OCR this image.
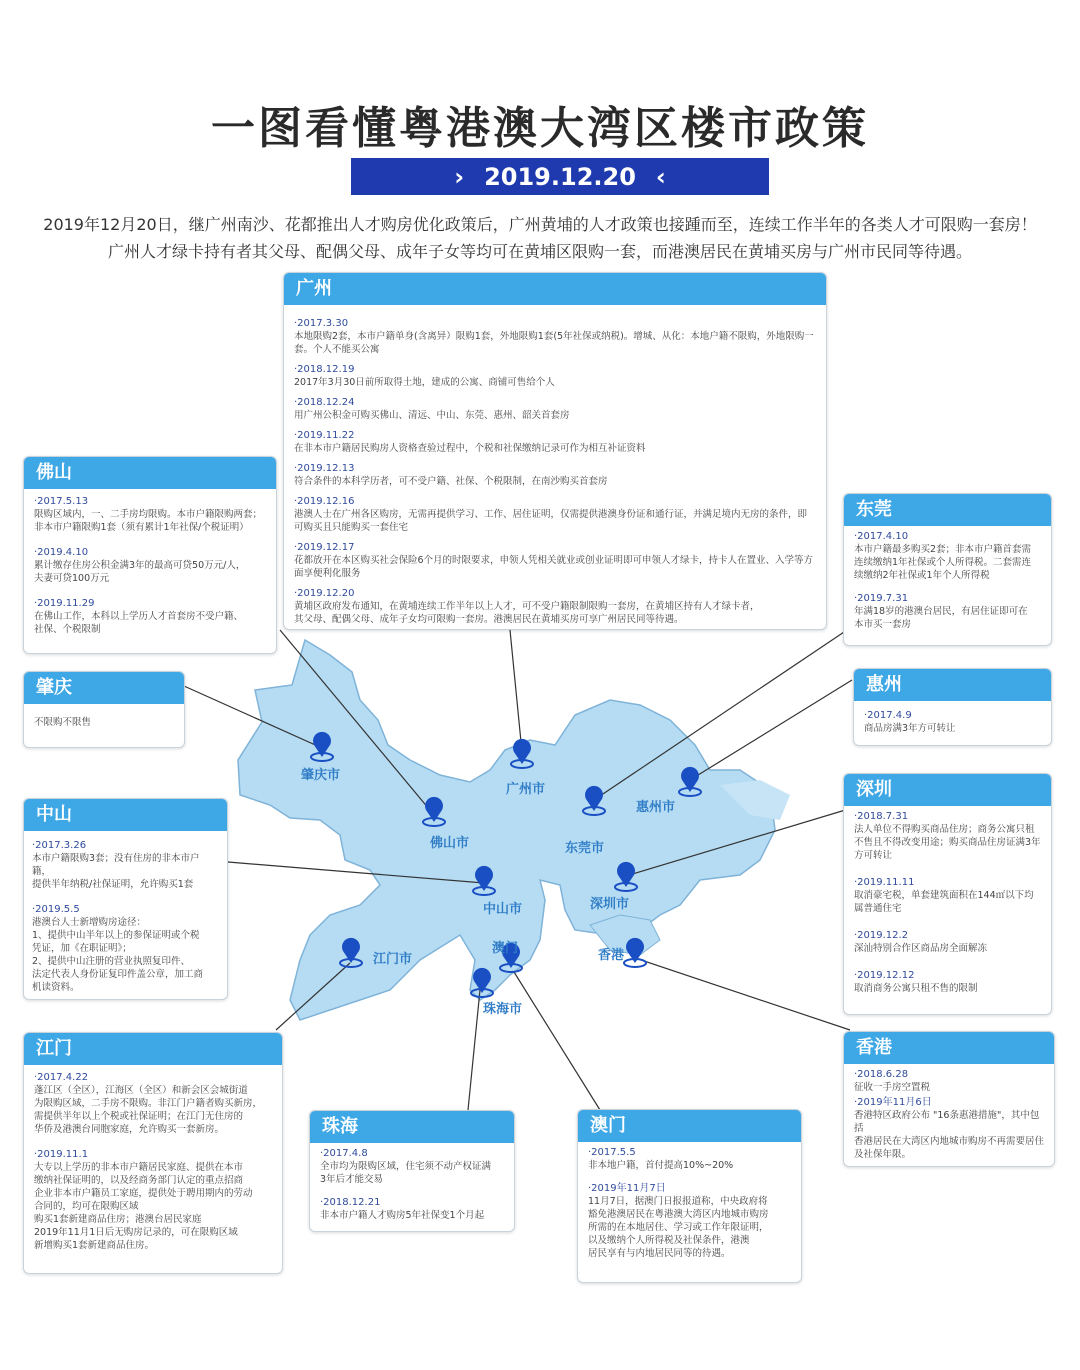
一图看懂粤港澳大湾区楼市政策
› 2019.12.20 ‹
2019年12月20日，继广州南沙、花都推出人才购房优化政策后，广州黄埔的人才政策也接踵而至，连续工作半年的各类人才可限购一套房！
广州人才绿卡持有者其父母、配偶父母、成年子女等均可在黄埔区限购一套，而港澳居民在黄埔买房与广州市民同等待遇。
肇庆市
广州市
佛山市	东莞市
惠州市
中山市	深圳市
江门市
澳门	香港
珠海市
广州
·2017.3.30
本地限购2套，本市户籍单身(含离异）限购1套，外地限购1套(5年社保或纳税)。增城、从化：本地户籍不限购，外地限购一套。个人不能买公寓
·2018.12.19
2017年3月30日前所取得土地，建成的公寓、商铺可售给个人
·2018.12.24
用广州公积金可购买佛山、清远、中山、东莞、惠州、韶关首套房
·2019.11.22
在非本市户籍居民购房人资格查验过程中，个税和社保缴纳记录可作为相互补证资料
·2019.12.13
符合条件的本科学历者，可不受户籍、社保、个税限制，在南沙购买首套房
·2019.12.16
港澳人士在广州各区购房，无需再提供学习、工作、居住证明，仅需提供港澳身份证和通行证，并满足境内无房的条件，即可购买且只能购买一套住宅
·2019.12.17
花都放开在本区购买社会保险6个月的时限要求，申领人凭相关就业或创业证明即可申领人才绿卡，持卡人在置业、入学等方面享便利化服务
·2019.12.20
黄埔区政府发布通知，在黄埔连续工作半年以上人才，可不受户籍限制限购一套房，在黄埔区持有人才绿卡者，
其父母、配偶父母、成年子女均可限购一套房。港澳居民在黄埔买房可享广州居民同等待遇。
佛山
·2017.5.13
限购区域内，一、二手房均限购。本市户籍限购两套；
非本市户籍限购1套（须有累计1年社保/个税证明）
·2019.4.10
累计缴存住房公积金满3年的最高可贷50万元/人，
夫妻可贷100万元
·2019.11.29
在佛山工作，本科以上学历人才首套房不受户籍、
社保、个税限制
东莞
·2017.4.10
本市户籍最多购买2套；非本市户籍首套需
连续缴纳1年社保或个人所得税。二套需连
续缴纳2年社保或1年个人所得税
·2019.7.31
年满18岁的港澳台居民，有居住证即可在
本市买一套房
惠州
·2017.4.9
商品房满3年方可转让
肇庆
不限购不限售
中山
·2017.3.26
本市户籍限购3套；没有住房的非本市户籍，
提供半年纳税/社保证明，允许购买1套
·2019.5.5
港澳台人士新增购房途径：
1、提供中山半年以上的参保证明或个税
凭证，加《在职证明》；
2、提供中山注册的营业执照复印件、
法定代表人身份证复印件盖公章，加工商
机读资料。
深圳
·2018.7.31
法人单位不得购买商品住房；商务公寓只租
不售且不得改变用途；购买商品住房证满3年
方可转让
·2019.11.11
取消豪宅税，单套建筑面积在144㎡以下均
属普通住宅
·2019.12.2
深汕特别合作区商品房全面解冻
·2019.12.12
取消商务公寓只租不售的限制
江门
·2017.4.22
蓬江区（全区），江海区（全区）和新会区会城街道
为限购区域，二手房不限购。非江门户籍者购买新房，
需提供半年以上个税或社保证明；在江门无住房的
华侨及港澳台同胞家庭，允许购买一套新房。
·2019.11.1
大专以上学历的非本市户籍居民家庭、提供在本市
缴纳社保证明的，以及经商务部门认定的重点招商
企业非本市户籍员工家庭，提供处于聘用期内的劳动
合同的，均可在限购区域
购买1套新建商品住房；港澳台居民家庭
2019年11月1日后无购房记录的，可在限购区域
新增购买1套新建商品住房。
珠海
·2017.4.8
全市均为限购区域，住宅须不动产权证满
3年后才能交易
·2018.12.21
非本市户籍人才购房5年社保变1个月起
澳门
·2017.5.5
非本地户籍，首付提高10%~20%
·2019年11月7日
11月7日，据澳门日报报道称，中央政府将
豁免港澳居民在粤港澳大湾区内地城市购房
所需的在本地居住、学习或工作年限证明，
以及缴纳个人所得税及社保条件，港澳
居民享有与内地居民同等的待遇。
香港
·2018.6.28
征收一手房空置税
·2019年11月6日
香港特区政府公布 "16条惠港措施"，其中包括
香港居民在大湾区内地城市购房不再需要居住
及社保年限。
